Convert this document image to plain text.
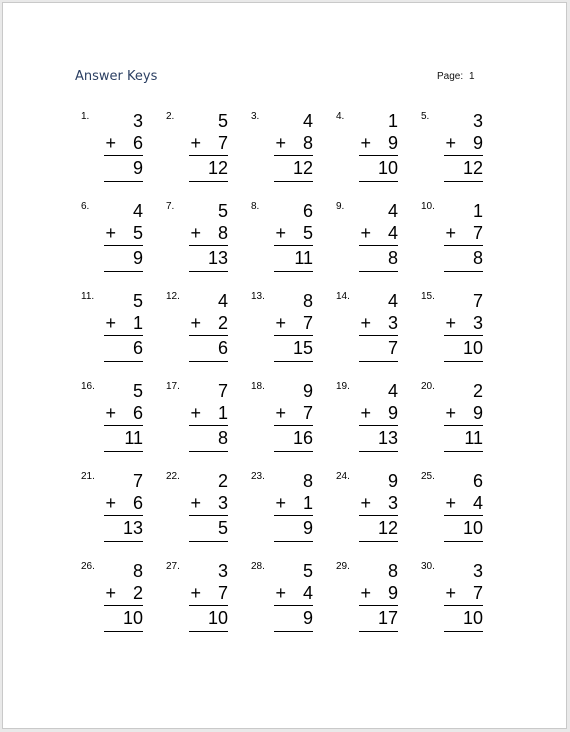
Answer Keys	Page: 1
1.	3
+ 6
9
2.	5
+ 7
12
3.	4
+ 8
12
4.	1
+ 9
10
5.	3
+ 9
12
6.	4
+ 5
9
7.	5
+ 8
13
8.	6
+ 5
11
9.	4
+ 4
8
10.	1
+ 7
8
11.	5
+ 1
6
12.	4
+ 2
6
13.	8
+ 7
15
14.	4
+ 3
7
15.	7
+ 3
10
16.	5
+ 6
11
17.	7
+ 1
8
18.	9
+ 7
16
19.	4
+ 9
13
20.	2
+ 9
11
21.	7
+ 6
13
22.	2
+ 3
5
23.	8
+ 1
9
24.	9
+ 3
12
25.	6
+ 4
10
26.	8
+ 2
10
27.	3
+ 7
10
28.	5
+ 4
9
29.	8
+ 9
17
30.	3
+ 7
10
